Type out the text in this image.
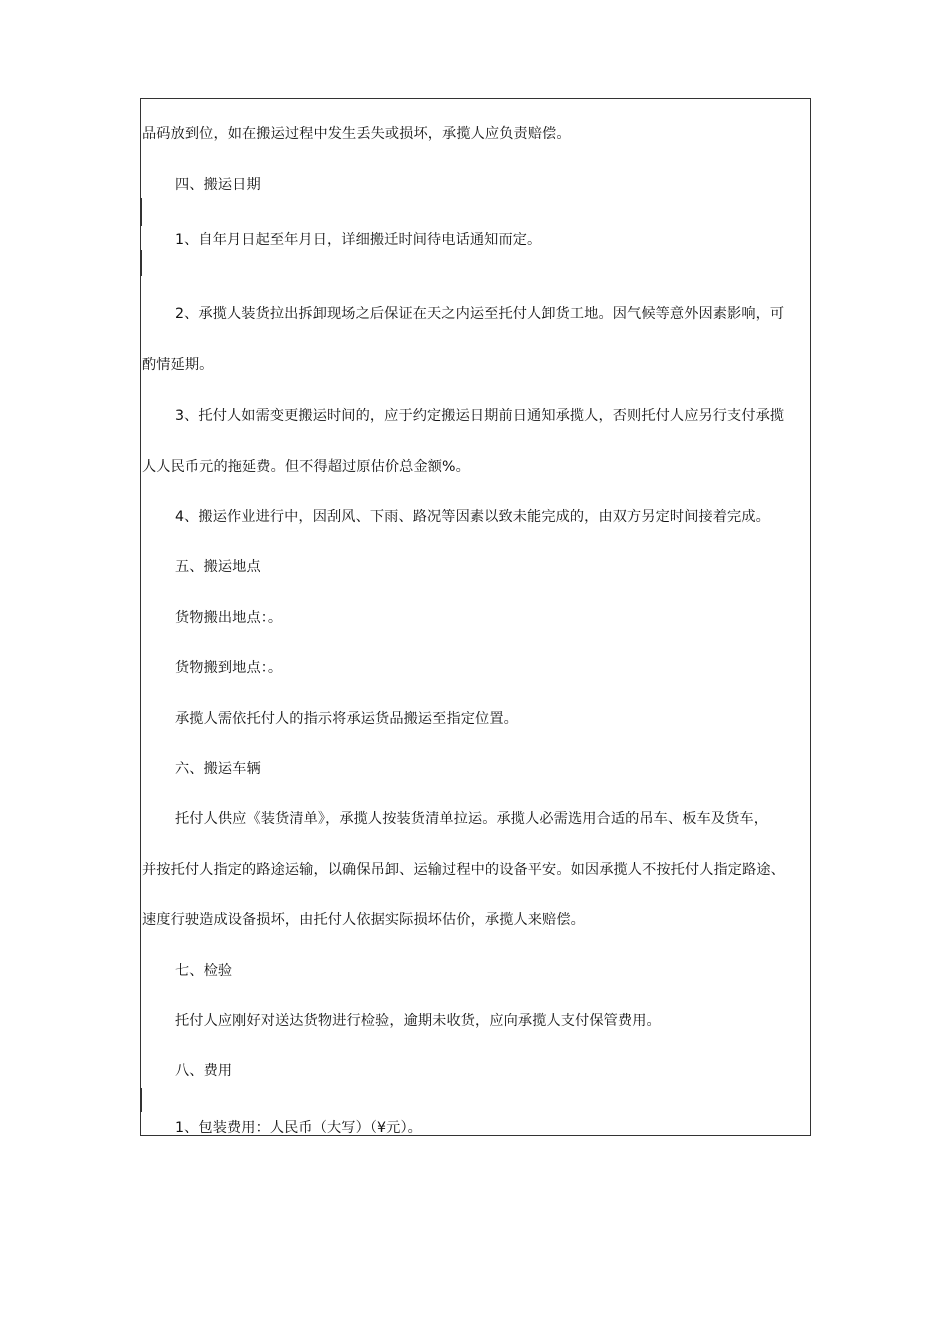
品码放到位，如在搬运过程中发生丢失或损坏，承揽人应负责赔偿。
四、搬运日期
1、自年月日起至年月日，详细搬迁时间待电话通知而定。
2、承揽人装货拉出拆卸现场之后保证在天之内运至托付人卸货工地。因气候等意外因素影响，可
酌情延期。
3、托付人如需变更搬运时间的，应于约定搬运日期前日通知承揽人，否则托付人应另行支付承揽
人人民币元的拖延费。但不得超过原估价总金额%。
4、搬运作业进行中，因刮风、下雨、路况等因素以致未能完成的，由双方另定时间接着完成。
五、搬运地点
货物搬出地点：。
货物搬到地点：。
承揽人需依托付人的指示将承运货品搬运至指定位置。
六、搬运车辆
托付人供应《装货清单》，承揽人按装货清单拉运。承揽人必需选用合适的吊车、板车及货车，
并按托付人指定的路途运输，以确保吊卸、运输过程中的设备平安。如因承揽人不按托付人指定路途、
速度行驶造成设备损坏，由托付人依据实际损坏估价，承揽人来赔偿。
七、检验
托付人应刚好对送达货物进行检验，逾期未收货，应向承揽人支付保管费用。
八、费用
1、包装费用：人民币（大写）（¥元）。
